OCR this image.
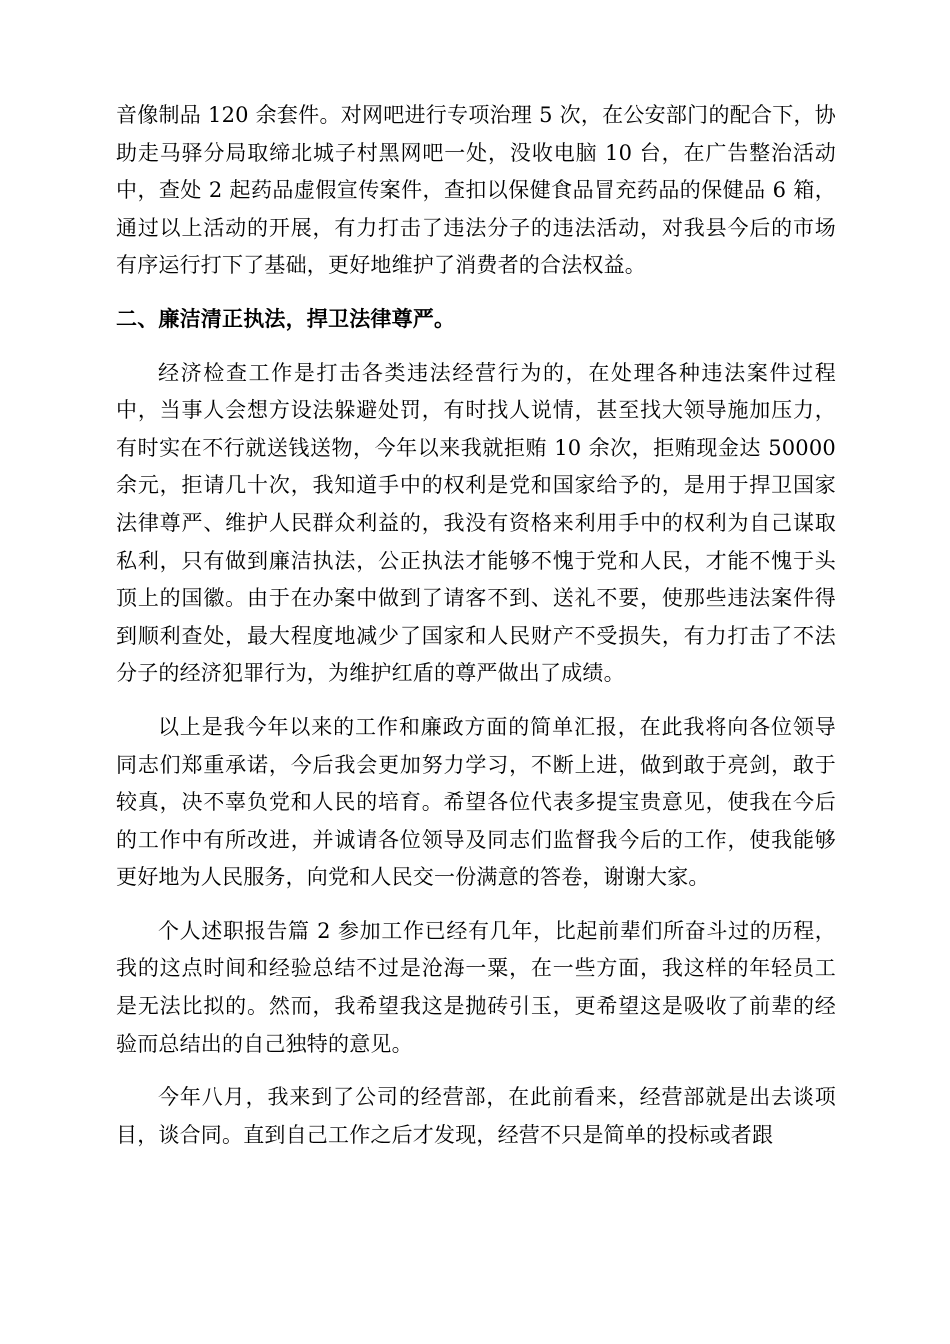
音像制品 120 余套件。对网吧进行专项治理 5 次，在公安部门的配合下，协助走马驿分局取缔北城子村黑网吧一处，没收电脑 10 台，在广告整治活动中，查处 2 起药品虚假宣传案件，查扣以保健食品冒充药品的保健品 6 箱，通过以上活动的开展，有力打击了违法分子的违法活动，对我县今后的市场有序运行打下了基础，更好地维护了消费者的合法权益。

二、廉洁清正执法，捍卫法律尊严。

经济检查工作是打击各类违法经营行为的，在处理各种违法案件过程中，当事人会想方设法躲避处罚，有时找人说情，甚至找大领导施加压力，有时实在不行就送钱送物，今年以来我就拒贿 10 余次，拒贿现金达 50000 余元，拒请几十次，我知道手中的权利是党和国家给予的，是用于捍卫国家法律尊严、维护人民群众利益的，我没有资格来利用手中的权利为自己谋取私利，只有做到廉洁执法，公正执法才能够不愧于党和人民，才能不愧于头顶上的国徽。由于在办案中做到了请客不到、送礼不要，使那些违法案件得到顺利查处，最大程度地减少了国家和人民财产不受损失，有力打击了不法分子的经济犯罪行为，为维护红盾的尊严做出了成绩。

以上是我今年以来的工作和廉政方面的简单汇报，在此我将向各位领导同志们郑重承诺，今后我会更加努力学习，不断上进，做到敢于亮剑，敢于较真，决不辜负党和人民的培育。希望各位代表多提宝贵意见，使我在今后的工作中有所改进，并诚请各位领导及同志们监督我今后的工作，使我能够更好地为人民服务，向党和人民交一份满意的答卷，谢谢大家。

个人述职报告篇 2 参加工作已经有几年，比起前辈们所奋斗过的历程，我的这点时间和经验总结不过是沧海一粟，在一些方面，我这样的年轻员工是无法比拟的。然而，我希望我这是抛砖引玉，更希望这是吸收了前辈的经验而总结出的自己独特的意见。

今年八月，我来到了公司的经营部，在此前看来，经营部就是出去谈项目，谈合同。直到自己工作之后才发现，经营不只是简单的投标或者跟
